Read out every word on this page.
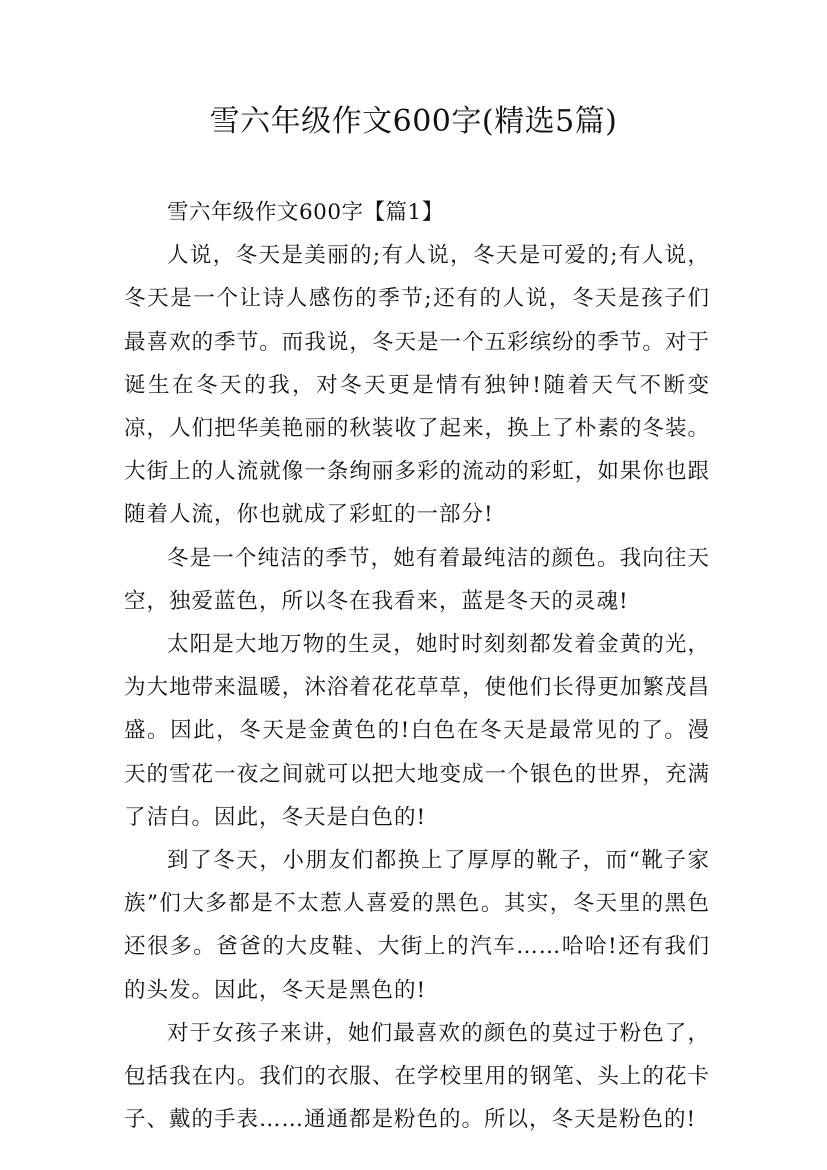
雪六年级作文600字(精选5篇)

雪六年级作文600字【篇1】

人说，冬天是美丽的;有人说，冬天是可爱的;有人说，冬天是一个让诗人感伤的季节;还有的人说，冬天是孩子们最喜欢的季节。而我说，冬天是一个五彩缤纷的季节。对于诞生在冬天的我，对冬天更是情有独钟!随着天气不断变凉，人们把华美艳丽的秋装收了起来，换上了朴素的冬装。大街上的人流就像一条绚丽多彩的流动的彩虹，如果你也跟随着人流，你也就成了彩虹的一部分!

冬是一个纯洁的季节，她有着最纯洁的颜色。我向往天空，独爱蓝色，所以冬在我看来，蓝是冬天的灵魂!

太阳是大地万物的生灵，她时时刻刻都发着金黄的光，为大地带来温暖，沐浴着花花草草，使他们长得更加繁茂昌盛。因此，冬天是金黄色的!白色在冬天是最常见的了。漫天的雪花一夜之间就可以把大地变成一个银色的世界，充满了洁白。因此，冬天是白色的!

到了冬天，小朋友们都换上了厚厚的靴子，而“靴子家族”们大多都是不太惹人喜爱的黑色。其实，冬天里的黑色还很多。爸爸的大皮鞋、大街上的汽车……哈哈!还有我们的头发。因此，冬天是黑色的!

对于女孩子来讲，她们最喜欢的颜色的莫过于粉色了，包括我在内。我们的衣服、在学校里用的钢笔、头上的花卡子、戴的手表……通通都是粉色的。所以，冬天是粉色的!
